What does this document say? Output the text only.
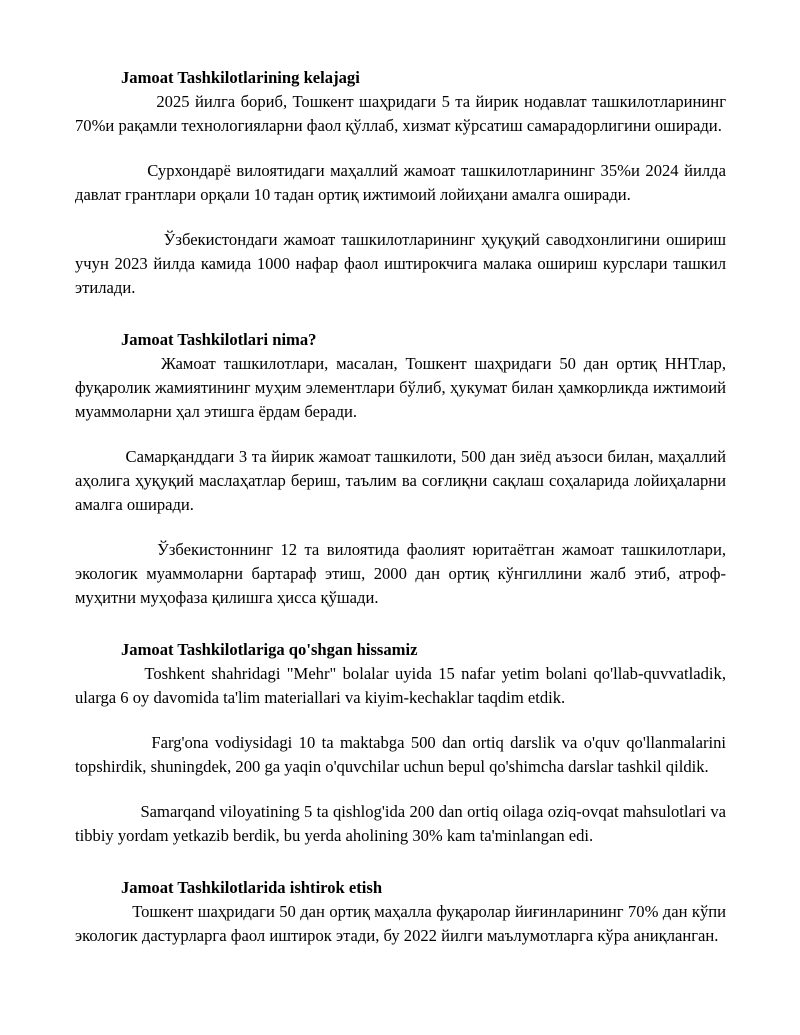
Jamoat Tashkilotlarining kelajagi

2025 йилга бориб, Тошкент шаҳридаги 5 та йирик нодавлат ташкилотларининг 70%и рақамли технологияларни фаол қўллаб, хизмат кўрсатиш самарадорлигини оширади.

Сурхондарё вилоятидаги маҳаллий жамоат ташкилотларининг 35%и 2024 йилда давлат грантлари орқали 10 тадан ортиқ ижтимоий лойиҳани амалга оширади.

Ўзбекистондаги жамоат ташкилотларининг ҳуқуқий саводхонлигини ошириш учун 2023 йилда камида 1000 нафар фаол иштирокчига малака ошириш курслари ташкил этилади.

Jamoat Tashkilotlari nima?

Жамоат ташкилотлари, масалан, Тошкент шаҳридаги 50 дан ортиқ ННТлар, фуқаролик жамиятининг муҳим элементлари бўлиб, ҳукумат билан ҳамкорликда ижтимоий муаммоларни ҳал этишга ёрдам беради.

Самарқанддаги 3 та йирик жамоат ташкилоти, 500 дан зиёд аъзоси билан, маҳаллий аҳолига ҳуқуқий маслаҳатлар бериш, таълим ва соғлиқни сақлаш соҳаларида лойиҳаларни амалга оширади.

Ўзбекистоннинг 12 та вилоятида фаолият юритаётган жамоат ташкилотлари, экологик муаммоларни бартараф этиш, 2000 дан ортиқ кўнгиллини жалб этиб, атроф-муҳитни муҳофаза қилишга ҳисса қўшади.

Jamoat Tashkilotlariga qo'shgan hissamiz

Toshkent shahridagi "Mehr" bolalar uyida 15 nafar yetim bolani qo'llab-quvvatladik, ularga 6 oy davomida ta'lim materiallari va kiyim-kechaklar taqdim etdik.

Farg'ona vodiysidagi 10 ta maktabga 500 dan ortiq darslik va o'quv qo'llanmalarini topshirdik, shuningdek, 200 ga yaqin o'quvchilar uchun bepul qo'shimcha darslar tashkil qildik.

Samarqand viloyatining 5 ta qishlog'ida 200 dan ortiq oilaga oziq-ovqat mahsulotlari va tibbiy yordam yetkazib berdik, bu yerda aholining 30% kam ta'minlangan edi.

Jamoat Tashkilotlarida ishtirok etish

Тошкент шаҳридаги 50 дан ортиқ маҳалла фуқаролар йиғинларининг 70% дан кўпи экологик дастурларга фаол иштирок этади, бу 2022 йилги маълумотларга кўра аниқланган.
